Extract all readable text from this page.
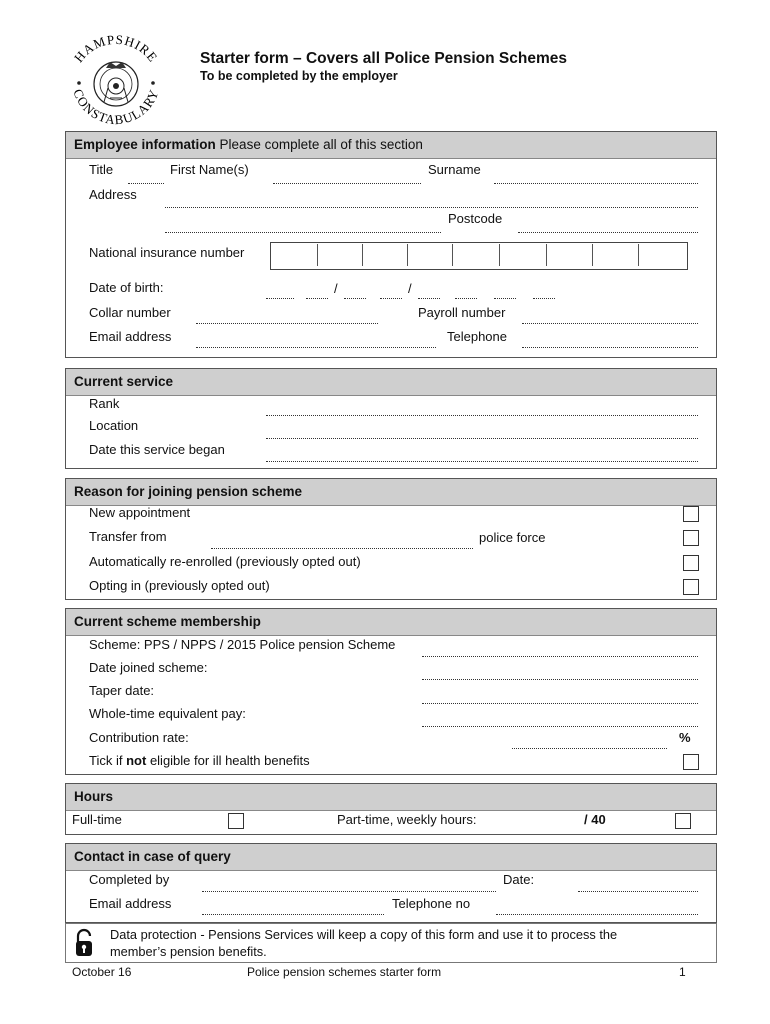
HAMPSHIRE
CONSTABULARY
Starter form – Covers all Police Pension Schemes
To be completed by the employer
Employee information Please complete all of this section
Title	First Name(s)	Surname
Address
Postcode
National insurance number
Date of birth:	/	/
Collar number	Payroll number
Email address	Telephone
Current service
Rank
Location
Date this service began
Reason for joining pension scheme
New appointment
Transfer from	police force
Automatically re-enrolled (previously opted out)
Opting in (previously opted out)
Current scheme membership
Scheme: PPS / NPPS / 2015 Police pension Scheme
Date joined scheme:
Taper date:
Whole-time equivalent pay:
Contribution rate:	%
Tick if not eligible for ill health benefits
Hours
Full-time	Part-time, weekly hours:	/ 40
Contact in case of query
Completed by	Date:
Email address	Telephone no
Data protection - Pensions Services will keep a copy of this form and use it to process the
member’s pension benefits.
October 16	Police pension schemes starter form	1
